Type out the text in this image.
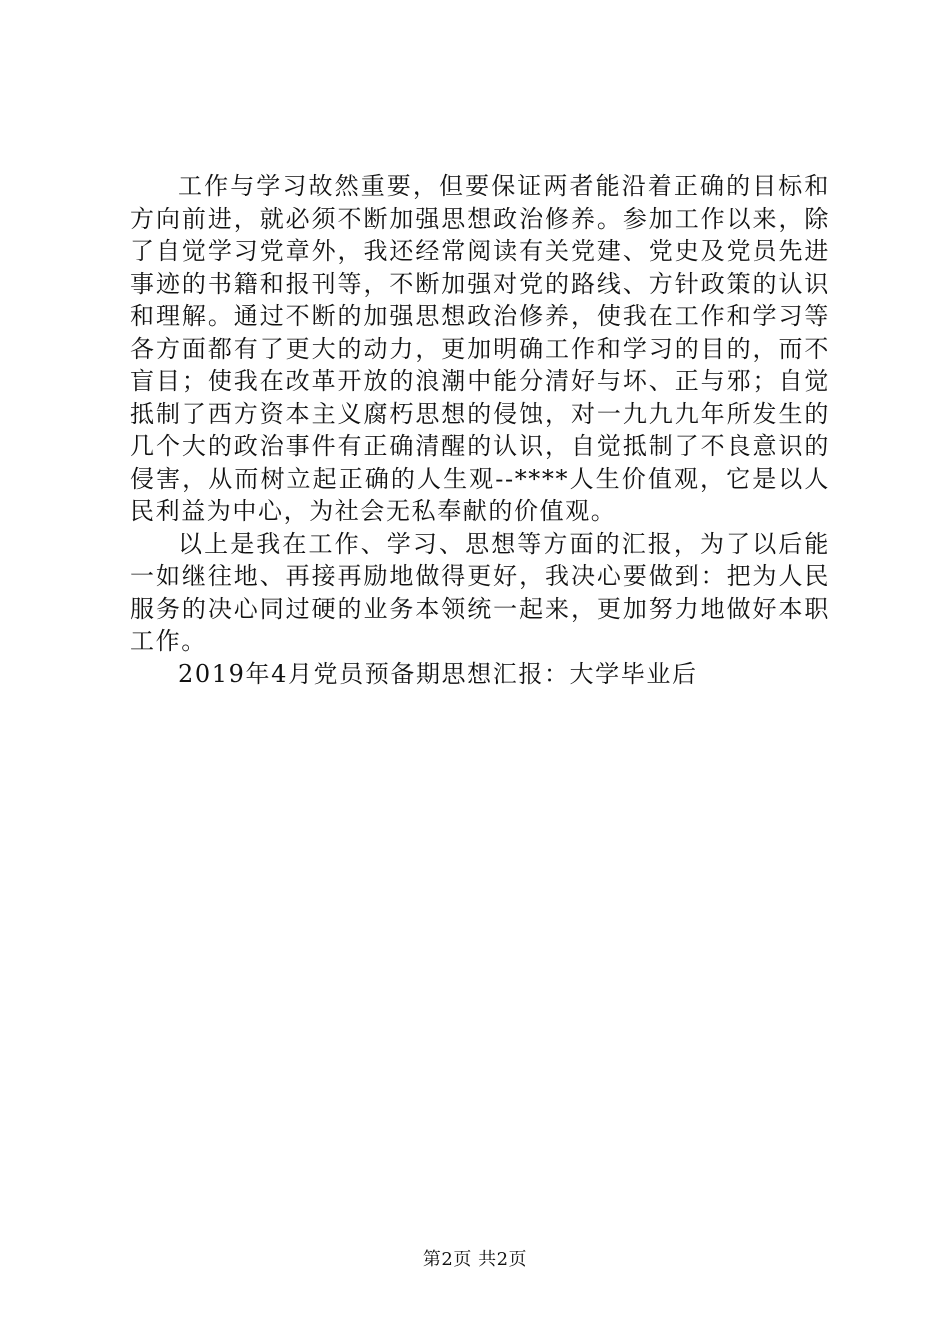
工作与学习故然重要，但要保证两者能沿着正确的目标和方向前进，就必须不断加强思想政治修养。参加工作以来，除了自觉学习党章外，我还经常阅读有关党建、党史及党员先进事迹的书籍和报刊等，不断加强对党的路线、方针政策的认识和理解。通过不断的加强思想政治修养，使我在工作和学习等各方面都有了更大的动力，更加明确工作和学习的目的，而不盲目；使我在改革开放的浪潮中能分清好与坏、正与邪；自觉抵制了西方资本主义腐朽思想的侵蚀，对一九九九年所发生的几个大的政治事件有正确清醒的认识，自觉抵制了不良意识的侵害，从而树立起正确的人生观--****人生价值观，它是以人民利益为中心，为社会无私奉献的价值观。

以上是我在工作、学习、思想等方面的汇报，为了以后能一如继往地、再接再励地做得更好，我决心要做到：把为人民服务的决心同过硬的业务本领统一起来，更加努力地做好本职工作。

2019年4月党员预备期思想汇报：大学毕业后

第2页 共2页
